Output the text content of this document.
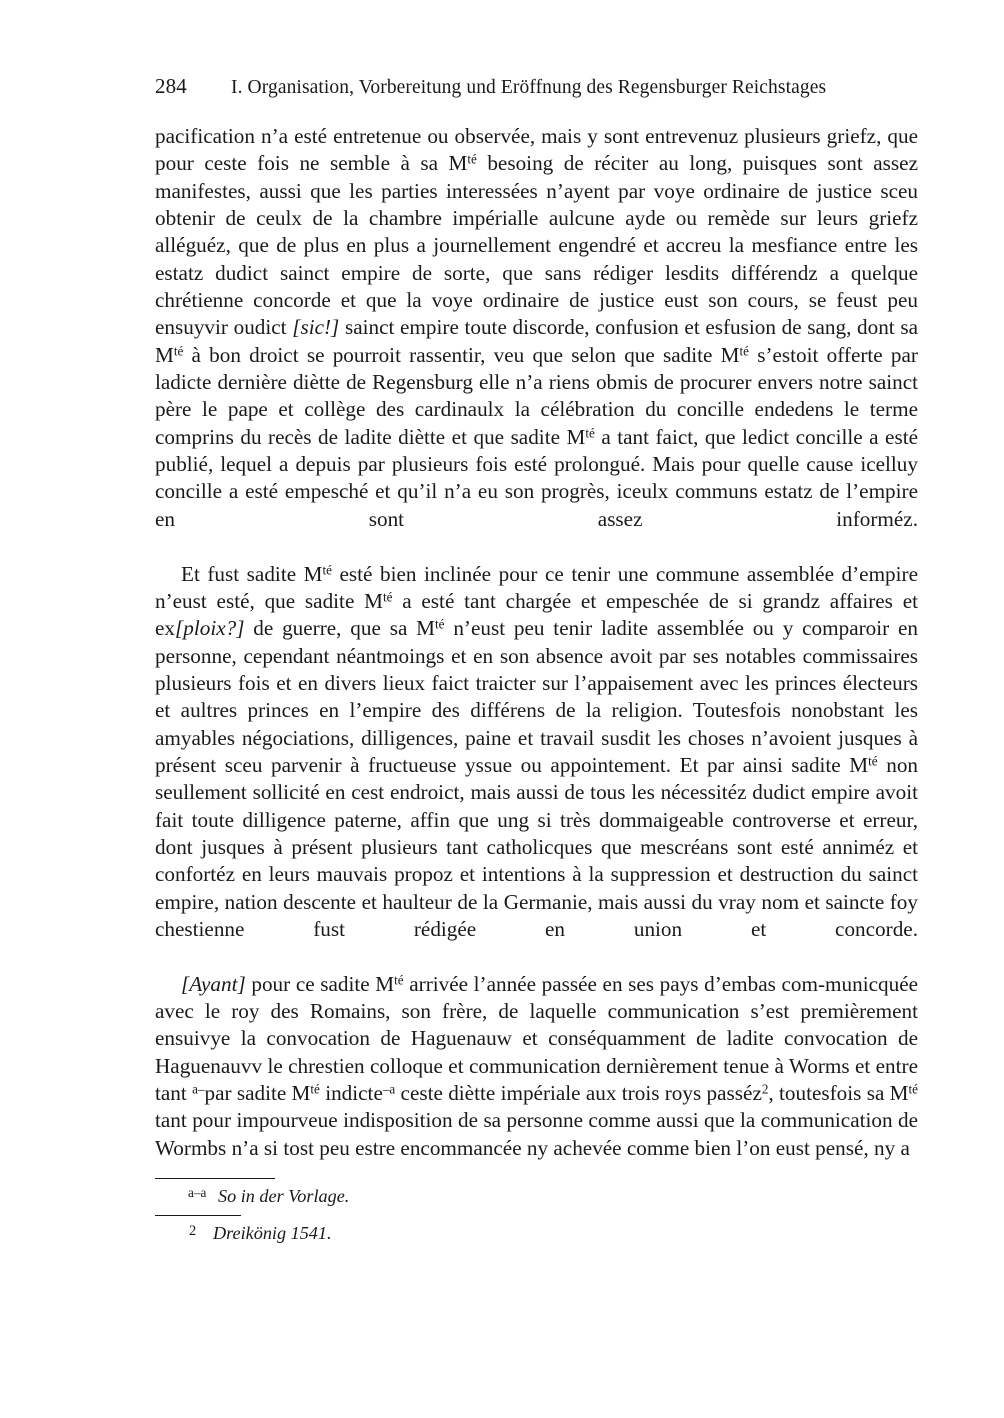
284	I. Organisation, Vorbereitung und Eröffnung des Regensburger Reichstages

pacification n’a esté entretenue ou observée, mais y sont entrevenuz plusieurs griefz, que pour ceste fois ne semble à sa $M^{té}$ besoing de réciter au long, puisques sont assez manifestes, aussi que les parties interessées n’ayent par voye ordinaire de justice sceu obtenir de ceulx de la chambre impérialle aulcune ayde ou remède sur leurs griefz alléguéz, que de plus en plus a journellement engendré et accreu la mesfiance entre les estatz dudict sainct empire de sorte, que sans rédiger lesdits différendz a quelque chrétienne concorde et que la voye ordinaire de justice eust son cours, se feust peu ensuyvir oudict [sic!] sainct empire toute discorde, confusion et esfusion de sang, dont sa $M^{té}$ à bon droict se pourroit rassentir, veu que selon que sadite $M^{té}$ s’estoit offerte par ladicte dernière diètte de Regensburg elle n’a riens obmis de procurer envers notre sainct père le pape et collège des cardinaulx la célébration du concille endedens le terme comprins du recès de ladite diètte et que sadite $M^{té}$ a tant faict, que ledict concille a esté publié, lequel a depuis par plusieurs fois esté prolongué. Mais pour quelle cause icelluy concille a esté empesché et qu’il n’a eu son progrès, iceulx communs estatz de l’empire en sont assez informéz.

Et fust sadite $M^{té}$ esté bien inclinée pour ce tenir une commune assemblée d’empire n’eust esté, que sadite $M^{té}$ a esté tant chargée et empeschée de si grandz affaires et ex[ploix?] de guerre, que sa $M^{té}$ n’eust peu tenir ladite assemblée ou y comparoir en personne, cependant néantmoings et en son absence avoit par ses notables commissaires plusieurs fois et en divers lieux faict traicter sur l’appaisement avec les princes électeurs et aultres princes en l’empire des différens de la religion. Toutesfois nonobstant les amyables négociations, dilligences, paine et travail susdit les choses n’avoient jusques à présent sceu parvenir à fructueuse yssue ou appointement. Et par ainsi sadite $M^{té}$ non seullement sollicité en cest endroict, mais aussi de tous les nécessitéz dudict empire avoit fait toute dilligence paterne, affin que ung si très dommaigeable controverse et erreur, dont jusques à présent plusieurs tant catholicques que mescréans sont esté anniméz et confortéz en leurs mauvais propoz et intentions à la suppression et destruction du sainct empire, nation descente et haulteur de la Germanie, mais aussi du vray nom et saincte foy chestienne fust rédigée en union et concorde.

[Ayant] pour ce sadite $M^{té}$ arrivée l’année passée en ses pays d’embas com-municquée avec le roy des Romains, son frère, de laquelle communication s’est premièrement ensuivye la convocation de Haguenauw et conséquamment de ladite convocation de Haguenauvv le chrestien colloque et communication dernièrement tenue à Worms et entre tant $^{a-}$par sadite $M^{té}$ indicte$^{-a}$ ceste diètte impériale aux trois roys passéz$^2$, toutesfois sa $M^{té}$ tant pour impourveue indisposition de sa personne comme aussi que la communication de Wormbs n’a si tost peu estre encommancée ny achevée comme bien l’on eust pensé, ny a

a–a So in der Vorlage.
2 Dreikönig 1541.
